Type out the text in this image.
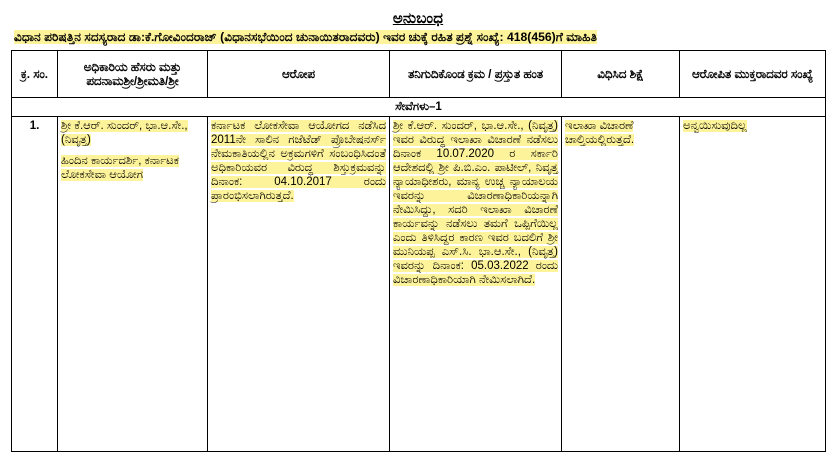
ಅನುಬಂಧ
ವಿಧಾನ ಪರಿಷತ್ತಿನ ಸದಸ್ಯರಾದ ಡಾ:ಕೆ.ಗೋವಿಂದರಾಜ್ (ವಿಧಾನಸಭೆಯಿಂದ ಚುನಾಯಿತರಾದವರು) ಇವರ ಚುಕ್ಕೆ ರಹಿತ ಪ್ರಶ್ನೆ ಸಂಖ್ಯೆ: 418(456)ಗೆ ಮಾಹಿತಿ
ಕ್ರ. ಸಂ.	ಅಧಿಕಾರಿಯ ಹೆಸರು ಮತ್ತು ಪದನಾಮಶ್ರೀ/ಶ್ರೀಮತಿ/ಶ್ರೀ	ಆರೋಪ	ತನಿಗುದಿಕೊಂಡ ಕ್ರಮ / ಪ್ರಸ್ತುತ ಹಂತ	ವಿಧಿಸಿದ ಶಿಕ್ಷೆ	ಆರೋಪಿತ ಮುಕ್ತರಾದವರ ಸಂಖ್ಯೆ
ಸೇವೆಗಳು–1					
1.	ಶ್ರೀ ಕೆ.ಆರ್. ಸುಂದರ್, ಭಾ.ಆ.ಸೇ., (ನಿವೃತ್ತ)

ಹಿಂದಿನ ಕಾರ್ಯದರ್ಶಿ, ಕರ್ನಾಟಕ ಲೋಕಸೇವಾ ಆಯೋಗ	ಕರ್ನಾಟಕ ಲೋಕಸೇವಾ ಆಯೋಗದ ನಡೆಸಿದ 2011ನೇ ಸಾಲಿನ ಗಜೆಟೆಡ್ ಪ್ರೊಬೇಷನರ್ಸ್ ನೇಮಕಾತಿಯಲ್ಲಿನ ಅಕ್ರಮಗಳಿಗೆ ಸಂಬಂಧಿಸಿದಂತೆ ಅಧಿಕಾರಿಯವರ ವಿರುದ್ಧ ಶಿಸ್ತುಕ್ರಮವನ್ನು ದಿನಾಂಕ: 04.10.2017 ರಂದು ಪ್ರಾರಂಭಿಸಲಾಗಿರುತ್ತದೆ.	ಶ್ರೀ ಕೆ.ಆರ್. ಸುಂದರ್, ಭಾ.ಆ.ಸೇ., (ನಿವೃತ್ತ) ಇವರ ವಿರುದ್ಧ ಇಲಾಖಾ ವಿಚಾರಣೆ ನಡೆಸಲು ದಿನಾಂಕ 10.07.2020 ರ ಸರ್ಕಾರಿ ಆದೇಶದಲ್ಲಿ ಶ್ರೀ ಪಿ.ಬಿ.ಎಂ. ಪಾಟೀಲ್, ನಿವೃತ್ತ ನ್ಯಾಯಾಧೀಶರು, ಮಾನ್ಯ ಉಚ್ಚ ನ್ಯಾಯಾಲಯ ಇವರನ್ನು ವಿಚಾರಣಾಧಿಕಾರಿಯನ್ನಾಗಿ ನೇಮಿಸಿದ್ದು, ಸದರಿ ಇಲಾಖಾ ವಿಚಾರಣೆ ಕಾರ್ಯವನ್ನು ನಡೆಸಲು ತಮಗೆ ಒಪ್ಪಿಗೆಯಿಲ್ಲ ಎಂದು ತಿಳಿಸಿದ್ದರ ಕಾರಣ ಇವರ ಬದಲಿಗೆ ಶ್ರೀ ಮುನಿಯಪ್ಪ ಎಸ್.ಸಿ. ಭಾ.ಆ.ಸೇ., (ನಿವೃತ್ತ) ಇವರನ್ನು ದಿನಾಂಕ: 05.03.2022 ರಂದು ವಿಚಾರಣಾಧಿಕಾರಿಯಾಗಿ ನೇಮಿಸಲಾಗಿದೆ.	ಇಲಾಖಾ ವಿಚಾರಣೆ ಚಾಲ್ತಿಯಲ್ಲಿರುತ್ತದೆ.	ಅನ್ವಯಿಸುವುದಿಲ್ಲ
